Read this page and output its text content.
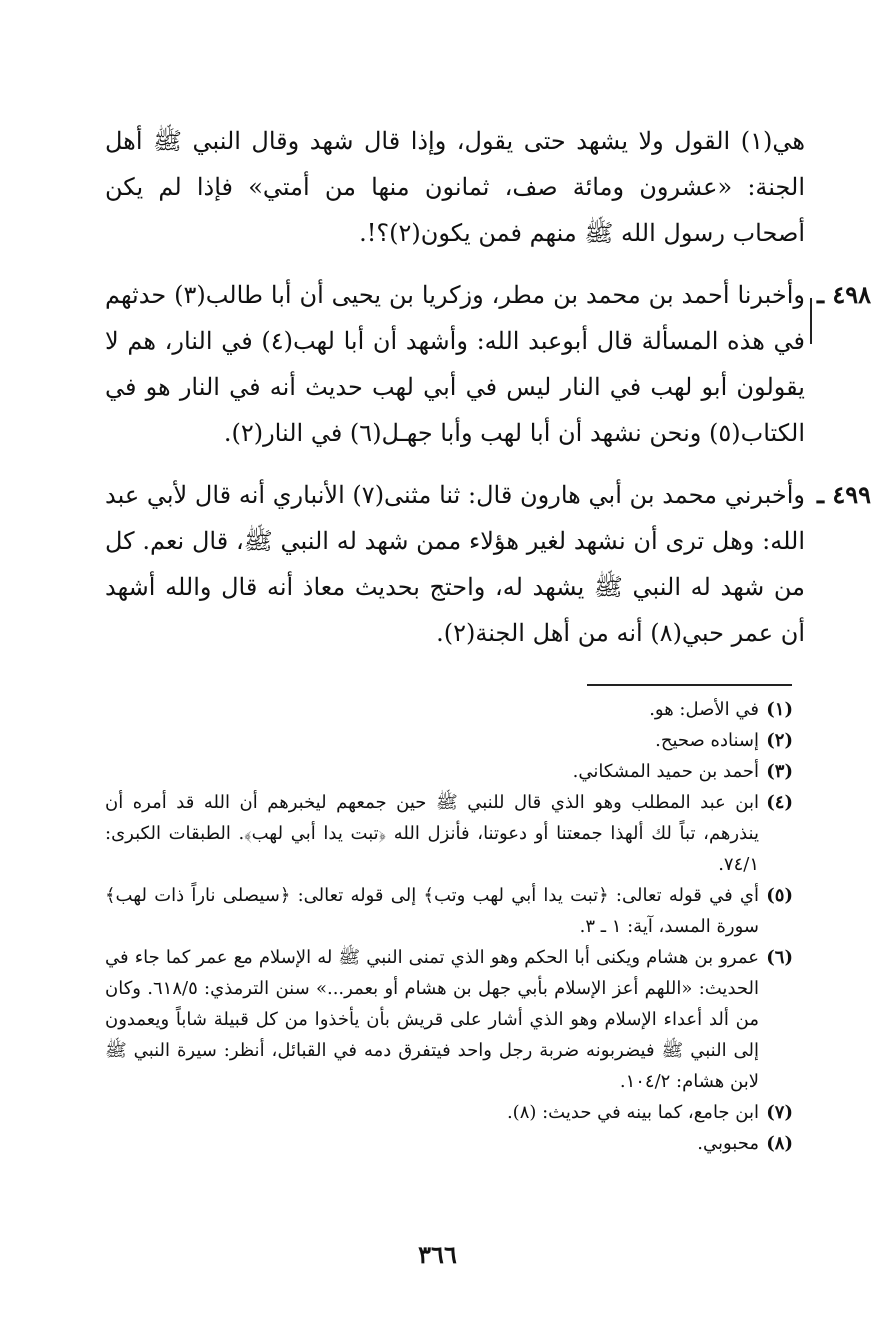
هي(١) القول ولا يشهد حتى يقول، وإذا قال شهد وقال النبي ﷺ أهل الجنة: «عشرون ومائة صف، ثمانون منها من أمتي» فإذا لم يكن أصحاب رسول الله ﷺ منهم فمن يكون(٢)؟!.

٤٩٨ ـ
وأخبرنا أحمد بن محمد بن مطر، وزكريا بن يحيى أن أبا طالب(٣) حدثهم في هذه المسألة قال أبوعبد الله: وأشهد أن أبا لهب(٤) في النار، هم لا يقولون أبو لهب في النار ليس في أبي لهب حديث أنه في النار هو في الكتاب(٥) ونحن نشهد أن أبا لهب وأبا جهـل(٦) في النار(٢).

٤٩٩ ـ
وأخبرني محمد بن أبي هارون قال: ثنا مثنى(٧) الأنباري أنه قال لأبي عبد الله: وهل ترى أن نشهد لغير هؤلاء ممن شهد له النبي ﷺ، قال نعم. كل من شهد له النبي ﷺ يشهد له، واحتج بحديث معاذ أنه قال والله أشهد أن عمر حبي(٨) أنه من أهل الجنة(٢).

(١)
في الأصل: هو.

(٢)
إسناده صحيح.

(٣)
أحمد بن حميد المشكاني.

(٤)
ابن عبد المطلب وهو الذي قال للنبي ﷺ حين جمعهم ليخبرهم أن الله قد أمره أن ينذرهم، تباً لك ألهذا جمعتنا أو دعوتنا، فأنزل الله ﴿تبت يدا أبي لهب﴾. الطبقات الكبرى: ٧٤/١.

(٥)
أي في قوله تعالى: ﴿تبت يدا أبي لهب وتب﴾ إلى قوله تعالى: ﴿سيصلى ناراً ذات لهب﴾ سورة المسد، آية: ١ ـ ٣.

(٦)
عمرو بن هشام ويكنى أبا الحكم وهو الذي تمنى النبي ﷺ له الإسلام مع عمر كما جاء في الحديث: «اللهم أعز الإسلام بأبي جهل بن هشام أو بعمر...» سنن الترمذي: ٦١٨/٥. وكان من ألد أعداء الإسلام وهو الذي أشار على قريش بأن يأخذوا من كل قبيلة شاباً ويعمدون إلى النبي ﷺ فيضربونه ضربة رجل واحد فيتفرق دمه في القبائل، أنظر: سيرة النبي ﷺ لابن هشام: ١٠٤/٢.

(٧)
ابن جامع، كما بينه في حديث: (٨).

(٨)
محبوبي.

٣٦٦
